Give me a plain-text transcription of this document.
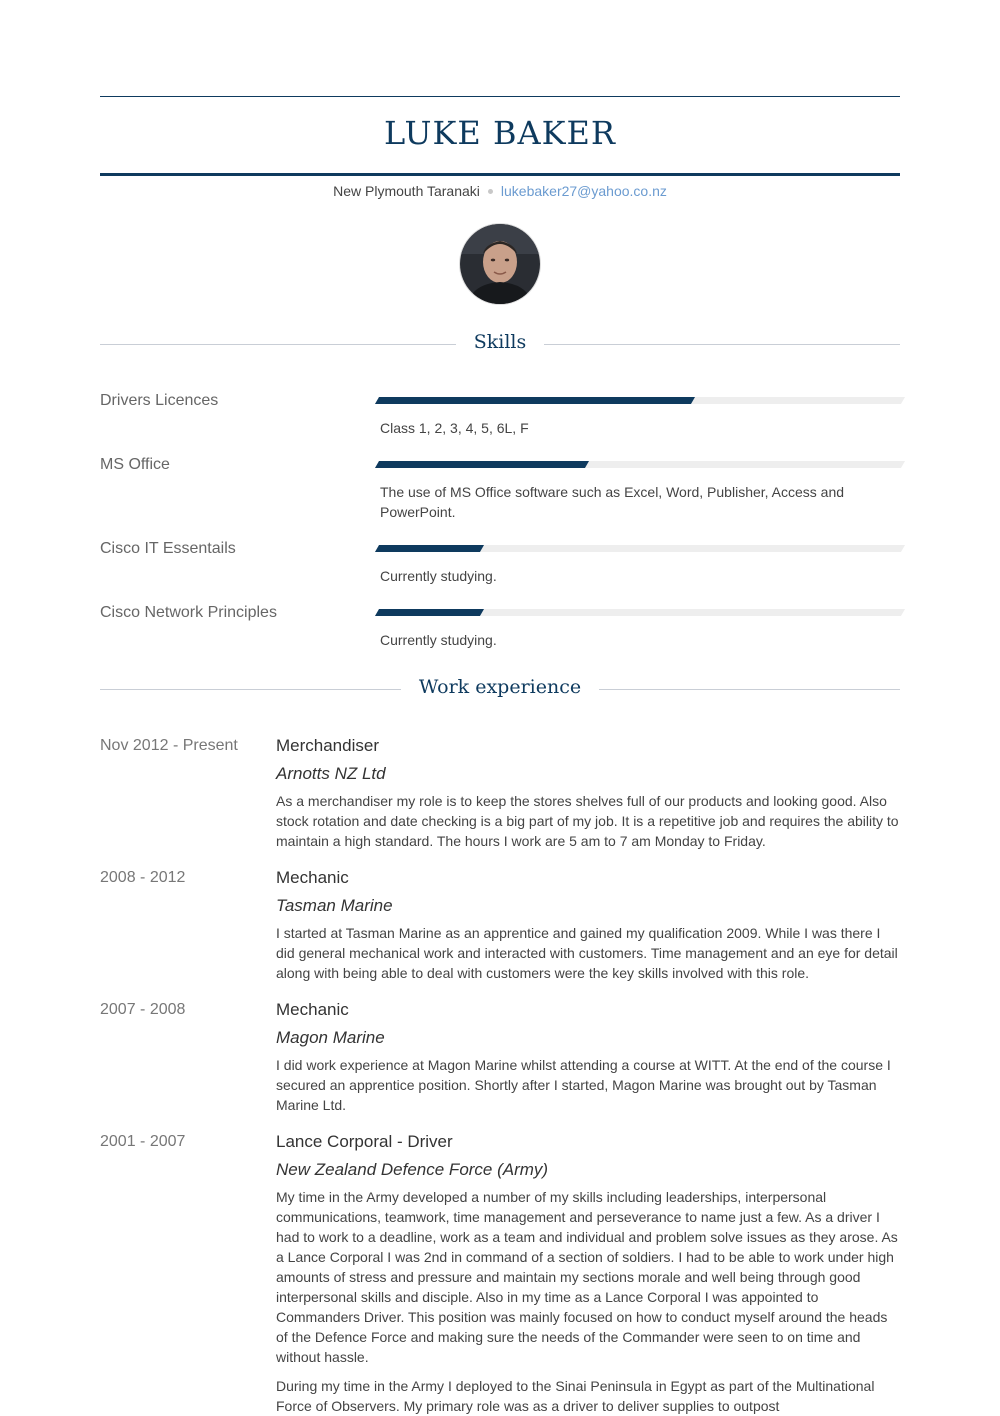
LUKE BAKER
New Plymouth Taranaki lukebaker27@yahoo.co.nz
Skills
Drivers Licences
Class 1, 2, 3, 4, 5, 6L, F
MS Office
The use of MS Office software such as Excel, Word, Publisher, Access and PowerPoint.
Cisco IT Essentails
Currently studying.
Cisco Network Principles
Currently studying.
Work experience
Nov 2012 - Present Merchandiser
Arnotts NZ Ltd
As a merchandiser my role is to keep the stores shelves full of our products and looking good. Also stock rotation and date checking is a big part of my job. It is a repetitive job and requires the ability to maintain a high standard. The hours I work are 5 am to 7 am Monday to Friday.
2008 - 2012	Mechanic
Tasman Marine
I started at Tasman Marine as an apprentice and gained my qualification 2009. While I was there I did general mechanical work and interacted with customers. Time management and an eye for detail along with being able to deal with customers were the key skills involved with this role.
2007 - 2008	Mechanic
Magon Marine
I did work experience at Magon Marine whilst attending a course at WITT. At the end of the course I secured an apprentice position. Shortly after I started, Magon Marine was brought out by Tasman Marine Ltd.
2001 - 2007	Lance Corporal - Driver
New Zealand Defence Force (Army)
My time in the Army developed a number of my skills including leaderships, interpersonal communications, teamwork, time management and perseverance to name just a few. As a driver I had to work to a deadline, work as a team and individual and problem solve issues as they arose. As a Lance Corporal I was 2nd in command of a section of soldiers. I had to be able to work under high amounts of stress and pressure and maintain my sections morale and well being through good interpersonal skills and disciple. Also in my time as a Lance Corporal I was appointed to Commanders Driver. This position was mainly focused on how to conduct myself around the heads of the Defence Force and making sure the needs of the Commander were seen to on time and without hassle.
During my time in the Army I deployed to the Sinai Peninsula in Egypt as part of the Multinational Force of Observers. My primary role was as a driver to deliver supplies to outpost
